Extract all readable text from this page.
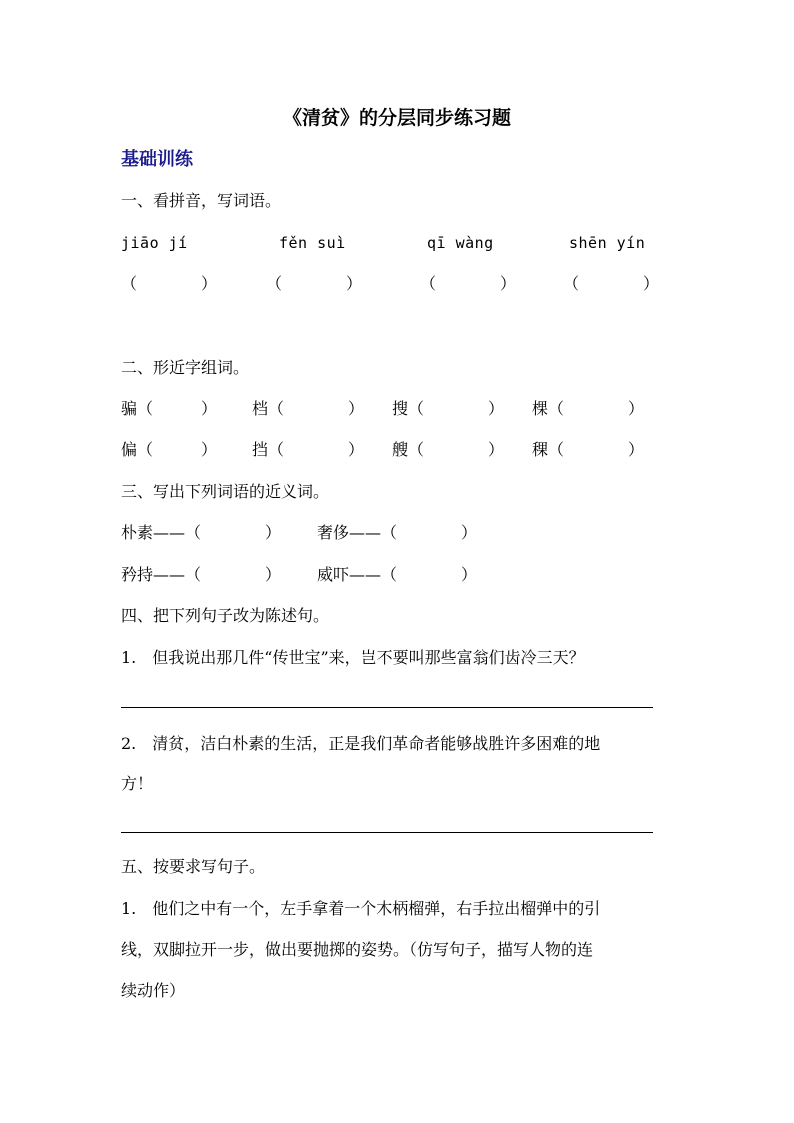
《清贫》的分层同步练习题
基础训练
一、看拼音，写词语。
jiāo jí	fěn suì	qī wàng	shēn yín
（　　　　）	（　　　　）	（　　　　）	（　　　　）
二、形近字组词。
骗（　　　） 档（　　　　） 搜（　　　　） 棵（　　　　）
偏（　　　） 挡（　　　　） 艘（　　　　） 稞（　　　　）
三、写出下列词语的近义词。
朴素——（　　　　） 奢侈——（　　　　）
矜持——（　　　　） 威吓——（　　　　）
四、把下列句子改为陈述句。
1.　但我说出那几件“传世宝”来，岂不要叫那些富翁们齿冷三天？
2.　清贫，洁白朴素的生活，正是我们革命者能够战胜许多困难的地
方！
五、按要求写句子。
1.　他们之中有一个，左手拿着一个木柄榴弹，右手拉出榴弹中的引
线，双脚拉开一步，做出要抛掷的姿势。（仿写句子，描写人物的连
续动作）
